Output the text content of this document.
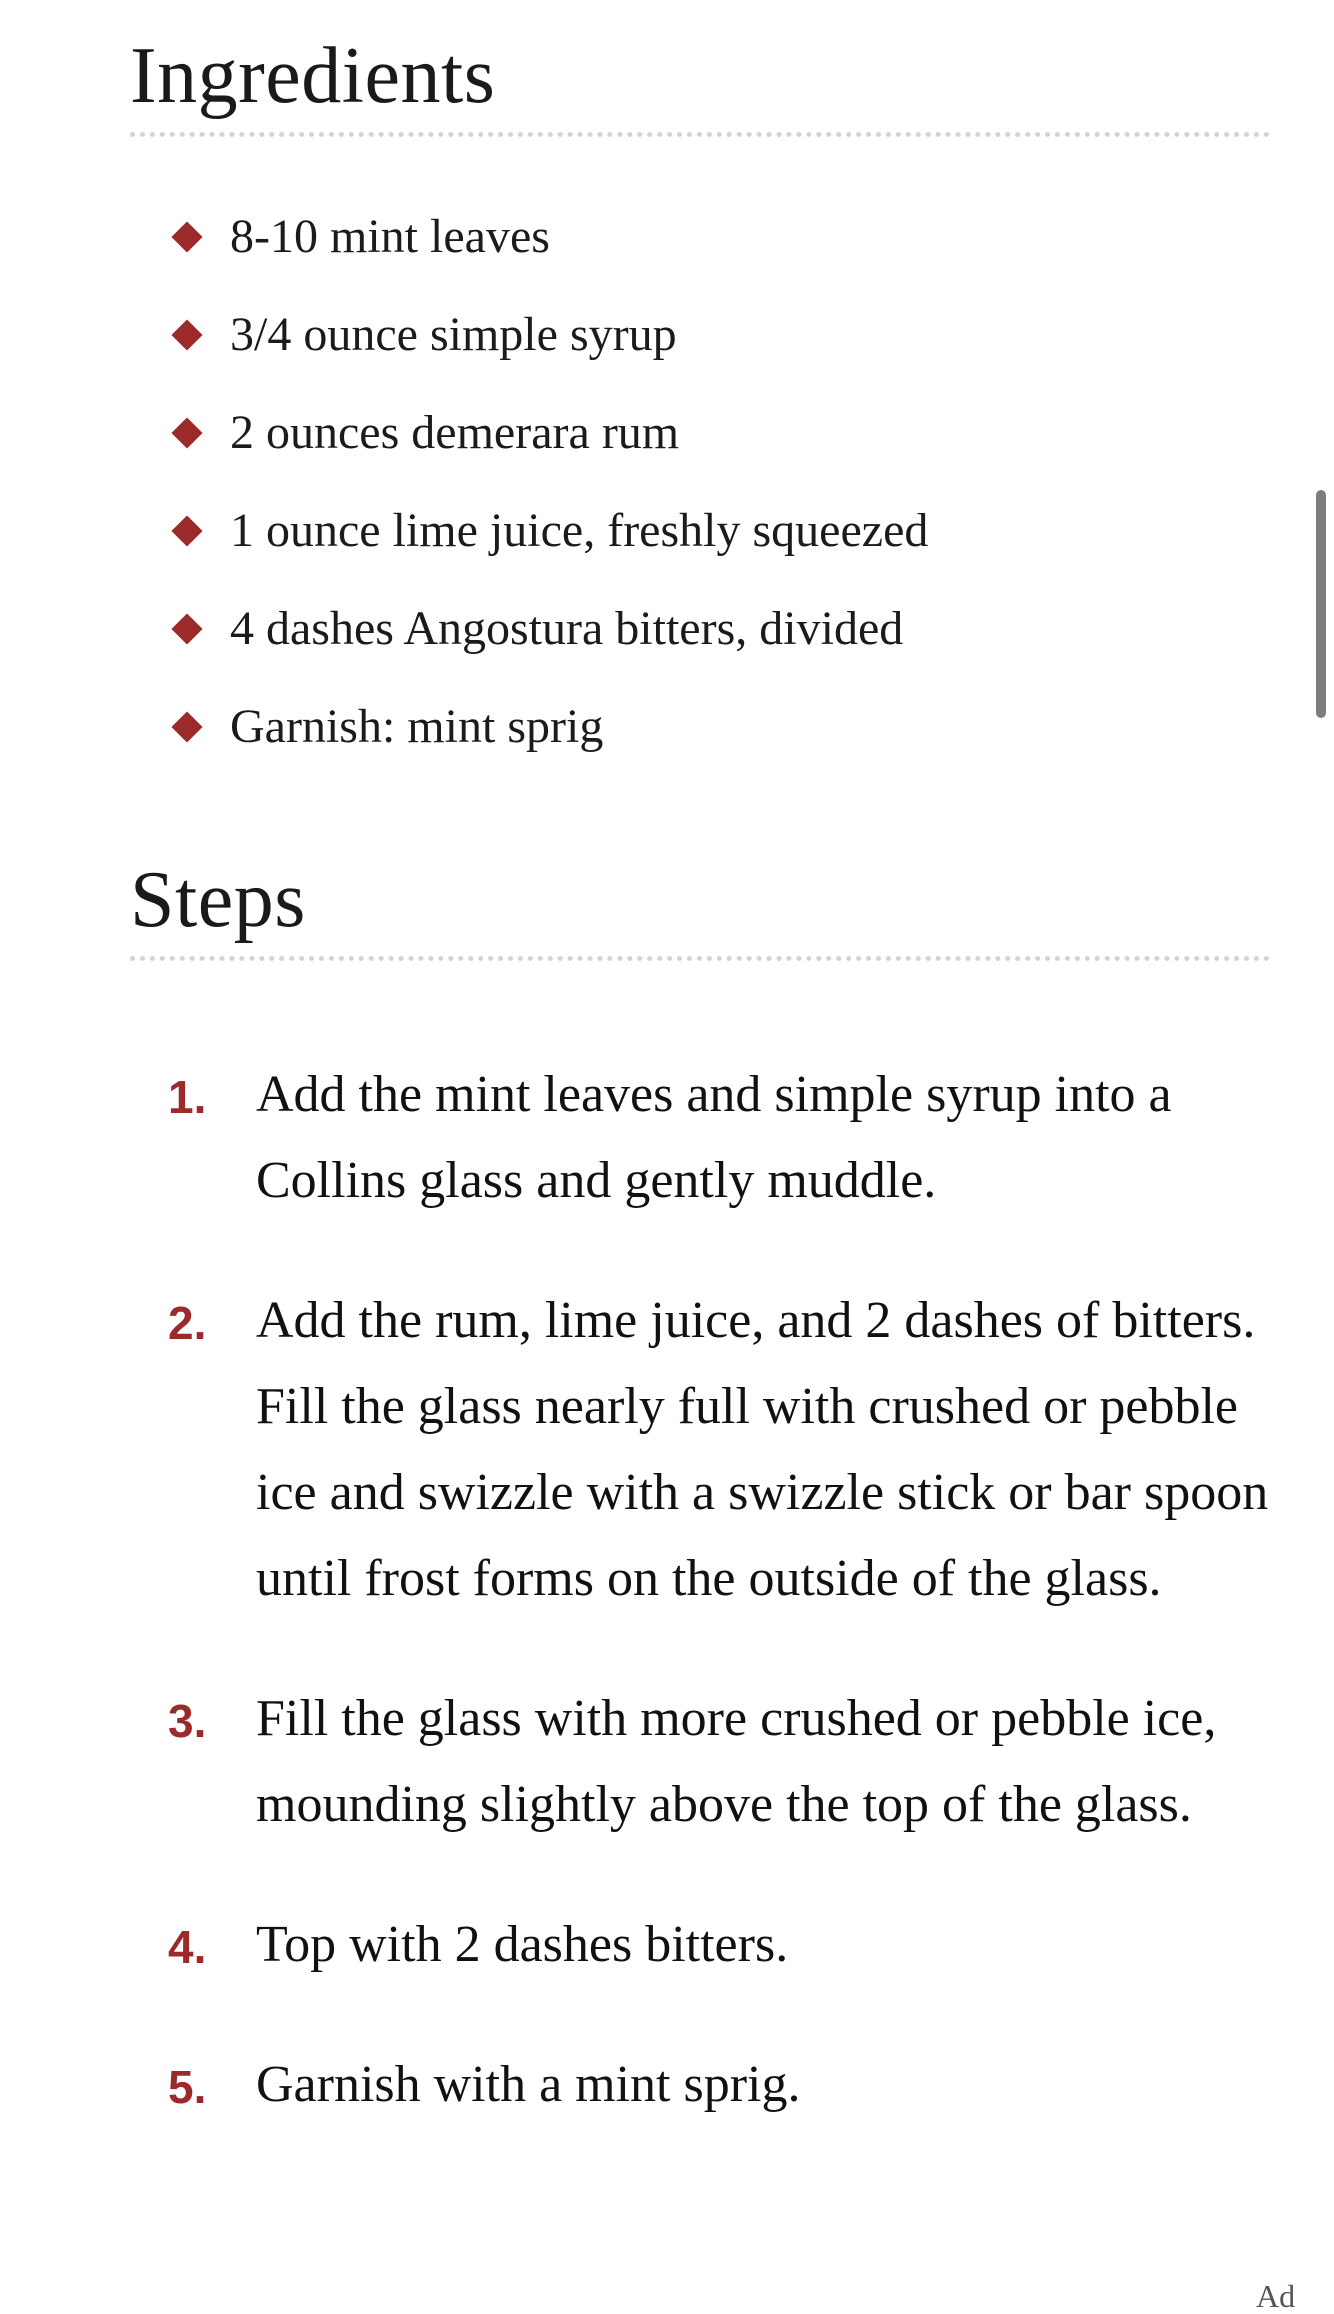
Ingredients
8-10 mint leaves
3/4 ounce simple syrup
2 ounces demerara rum
1 ounce lime juice, freshly squeezed
4 dashes Angostura bitters, divided
Garnish: mint sprig
Steps
1. Add the mint leaves and simple syrup into a Collins glass and gently muddle.
2. Add the rum, lime juice, and 2 dashes of bitters. Fill the glass nearly full with crushed or pebble ice and swizzle with a swizzle stick or bar spoon until frost forms on the outside of the glass.
3. Fill the glass with more crushed or pebble ice, mounding slightly above the top of the glass.
4. Top with 2 dashes bitters.
5. Garnish with a mint sprig.
Ad
